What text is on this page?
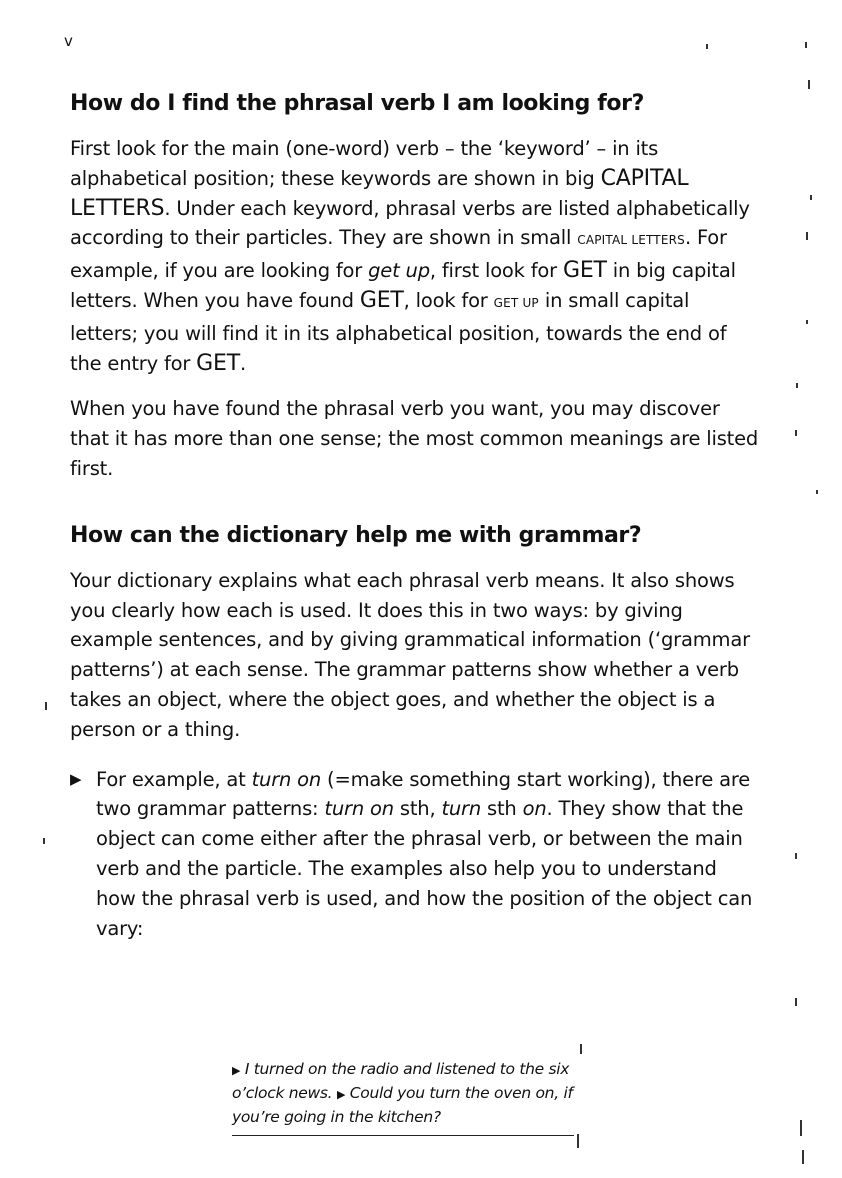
v
How do I find the phrasal verb I am looking for?

First look for the main (one-word) verb – the ‘keyword’ – in its alphabetical position; these keywords are shown in big CAPITAL LETTERS. Under each keyword, phrasal verbs are listed alphabetically according to their particles. They are shown in small CAPITAL LETTERS. For example, if you are looking for get up, first look for GET in big capital letters. When you have found GET, look for GET UP in small capital letters; you will find it in its alphabetical position, towards the end of the entry for GET.

When you have found the phrasal verb you want, you may discover that it has more than one sense; the most common meanings are listed first.

How can the dictionary help me with grammar?

Your dictionary explains what each phrasal verb means. It also shows you clearly how each is used. It does this in two ways: by giving example sentences, and by giving grammatical information (‘grammar patterns’) at each sense. The grammar patterns show whether a verb takes an object, where the object goes, and whether the object is a person or a thing.

▶ For example, at turn on (=make something start working), there are two grammar patterns: turn on sth, turn sth on. They show that the object can come either after the phrasal verb, or between the main verb and the particle. The examples also help you to understand how the phrasal verb is used, and how the position of the object can vary:

▶ I turned on the radio and listened to the six o’clock news. ▶ Could you turn the oven on, if you’re going in the kitchen?
